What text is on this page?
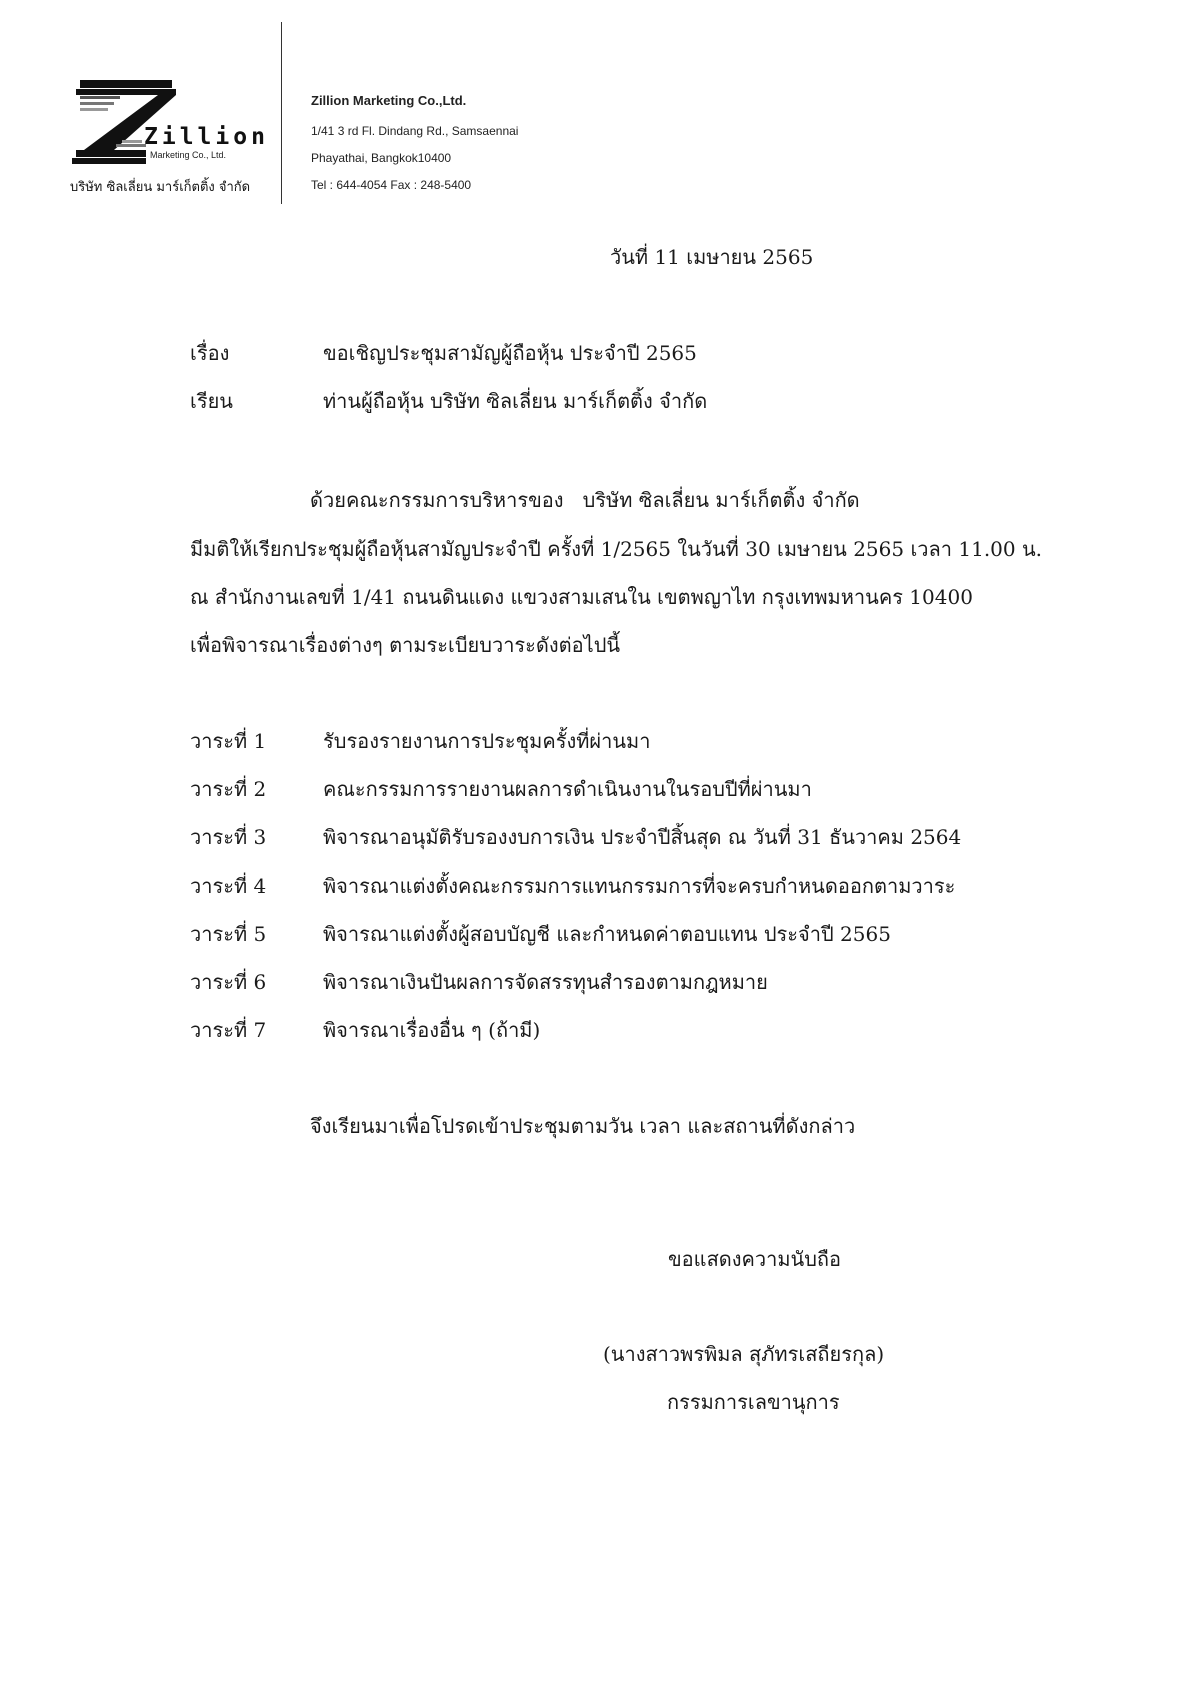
Zillion
Marketing Co., Ltd.
บริษัท ซิลเลี่ยน มาร์เก็ตติ้ง จำกัด
Zillion Marketing Co.,Ltd.
1/41 3 rd Fl. Dindang Rd., Samsaennai
Phayathai, Bangkok10400
Tel : 644-4054 Fax : 248-5400
วันที่ 11 เมษายน 2565
เรื่อง	ขอเชิญประชุมสามัญผู้ถือหุ้น ประจำปี 2565
เรียน	ท่านผู้ถือหุ้น บริษัท ซิลเลี่ยน มาร์เก็ตติ้ง จำกัด
ด้วยคณะกรรมการบริหารของ   บริษัท ซิลเลี่ยน มาร์เก็ตติ้ง จำกัด
มีมติให้เรียกประชุมผู้ถือหุ้นสามัญประจำปี ครั้งที่ 1/2565 ในวันที่ 30 เมษายน 2565 เวลา 11.00 น.
ณ สำนักงานเลขที่ 1/41 ถนนดินแดง แขวงสามเสนใน เขตพญาไท กรุงเทพมหานคร 10400
เพื่อพิจารณาเรื่องต่างๆ ตามระเบียบวาระดังต่อไปนี้
วาระที่ 1	รับรองรายงานการประชุมครั้งที่ผ่านมา
วาระที่ 2	คณะกรรมการรายงานผลการดำเนินงานในรอบปีที่ผ่านมา
วาระที่ 3	พิจารณาอนุมัติรับรองงบการเงิน ประจำปีสิ้นสุด ณ วันที่ 31 ธันวาคม 2564
วาระที่ 4	พิจารณาแต่งตั้งคณะกรรมการแทนกรรมการที่จะครบกำหนดออกตามวาระ
วาระที่ 5	พิจารณาแต่งตั้งผู้สอบบัญชี และกำหนดค่าตอบแทน ประจำปี 2565
วาระที่ 6	พิจารณาเงินปันผลการจัดสรรทุนสำรองตามกฎหมาย
วาระที่ 7	พิจารณาเรื่องอื่น ๆ (ถ้ามี)
จึงเรียนมาเพื่อโปรดเข้าประชุมตามวัน เวลา และสถานที่ดังกล่าว
ขอแสดงความนับถือ
(นางสาวพรพิมล สุภัทรเสถียรกุล)
กรรมการเลขานุการ
